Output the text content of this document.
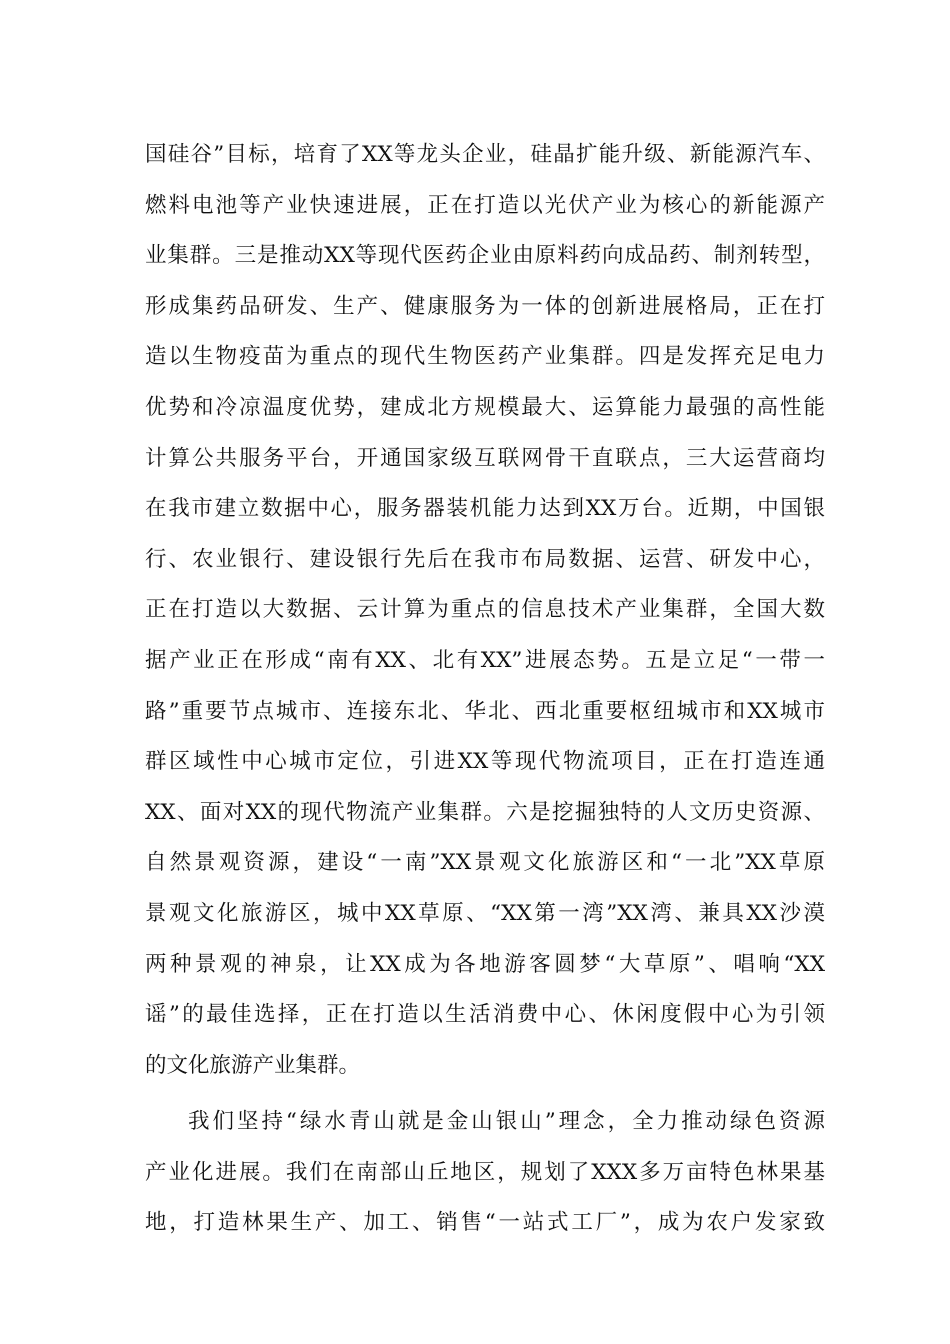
国硅谷”目标，培育了XX等龙头企业，硅晶扩能升级、新能源汽车、
燃料电池等产业快速进展，正在打造以光伏产业为核心的新能源产
业集群。三是推动XX等现代医药企业由原料药向成品药、制剂转型，
形成集药品研发、生产、健康服务为一体的创新进展格局，正在打
造以生物疫苗为重点的现代生物医药产业集群。四是发挥充足电力
优势和冷凉温度优势，建成北方规模最大、运算能力最强的高性能
计算公共服务平台，开通国家级互联网骨干直联点，三大运营商均
在我市建立数据中心，服务器装机能力达到XX万台。近期，中国银
行、农业银行、建设银行先后在我市布局数据、运营、研发中心，
正在打造以大数据、云计算为重点的信息技术产业集群，全国大数
据产业正在形成“南有XX、北有XX”进展态势。五是立足“一带一
路”重要节点城市、连接东北、华北、西北重要枢纽城市和XX城市
群区域性中心城市定位，引进XX等现代物流项目，正在打造连通
XX、面对XX的现代物流产业集群。六是挖掘独特的人文历史资源、
自然景观资源，建设“一南”XX景观文化旅游区和“一北”XX草原
景观文化旅游区，城中XX草原、“XX第一湾”XX湾、兼具XX沙漠
两种景观的神泉，让XX成为各地游客圆梦“大草原”、唱响“XX
谣”的最佳选择，正在打造以生活消费中心、休闲度假中心为引领
的文化旅游产业集群。
我们坚持“绿水青山就是金山银山”理念，全力推动绿色资源
产业化进展。我们在南部山丘地区，规划了XXX多万亩特色林果基
地，打造林果生产、加工、销售“一站式工厂”，成为农户发家致
